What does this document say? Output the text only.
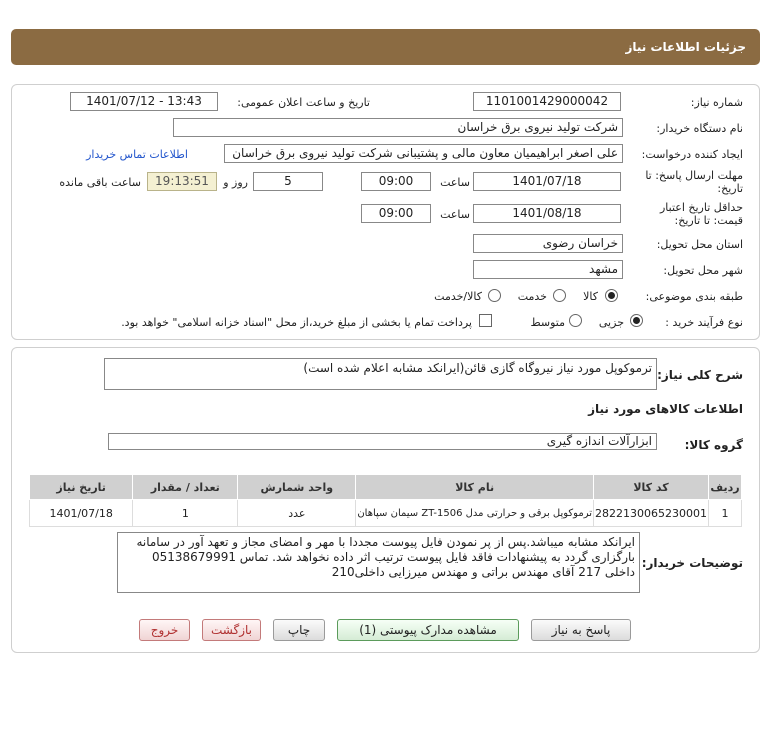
جزئیات اطلاعات نیاز
شماره نیاز:
1101001429000042
تاریخ و ساعت اعلان عمومی:
1401/07/12 - 13:43
نام دستگاه خریدار:
شرکت تولید نیروی برق خراسان
ایجاد کننده درخواست:
علی اصغر ابراهیمیان معاون مالی و پشتیبانی شرکت تولید نیروی برق خراسان
اطلاعات تماس خریدار
مهلت ارسال پاسخ: تا
تاریخ:
1401/07/18
ساعت
09:00
5
روز و
19:13:51
ساعت باقی مانده
حداقل تاریخ اعتبار
قیمت: تا تاریخ:
1401/08/18
ساعت
09:00
استان محل تحویل:
خراسان رضوی
شهر محل تحویل:
مشهد
طبقه بندی موضوعی:
کالا
خدمت
کالا/خدمت
نوع فرآیند خرید :
جزیی
متوسط
پرداخت تمام یا بخشی از مبلغ خرید،از محل "اسناد خزانه اسلامی" خواهد بود.
شرح کلی نیاز:
ترموکوپل مورد نیاز نیروگاه گازی قائن(ایرانکد مشابه اعلام شده است)
اطلاعات کالاهای مورد نیاز
گروه کالا:
ابزارآلات اندازه گیری
ردیف	کد کالا	نام کالا	واحد شمارش	تعداد / مقدار	تاریخ نیاز
1	2822130065230001	ترموکوپل برقی و حرارتی مدل ZT-1506 سیمان سپاهان	عدد	1	1401/07/18
توضیحات خریدار:
ایرانکد مشابه میباشد.پس از پر نمودن فایل پیوست مجددا با مهر و امضای مجاز و تعهد آور در سامانه بارگزاری گردد به پیشنهادات فاقد فایل پیوست ترتیب اثر داده نخواهد شد. تماس 05138679991 داخلی 217 آقای مهندس براتی و مهندس میرزایی داخلی210
پاسخ به نیاز
مشاهده مدارک پیوستی (1)
چاپ
بازگشت
خروج
